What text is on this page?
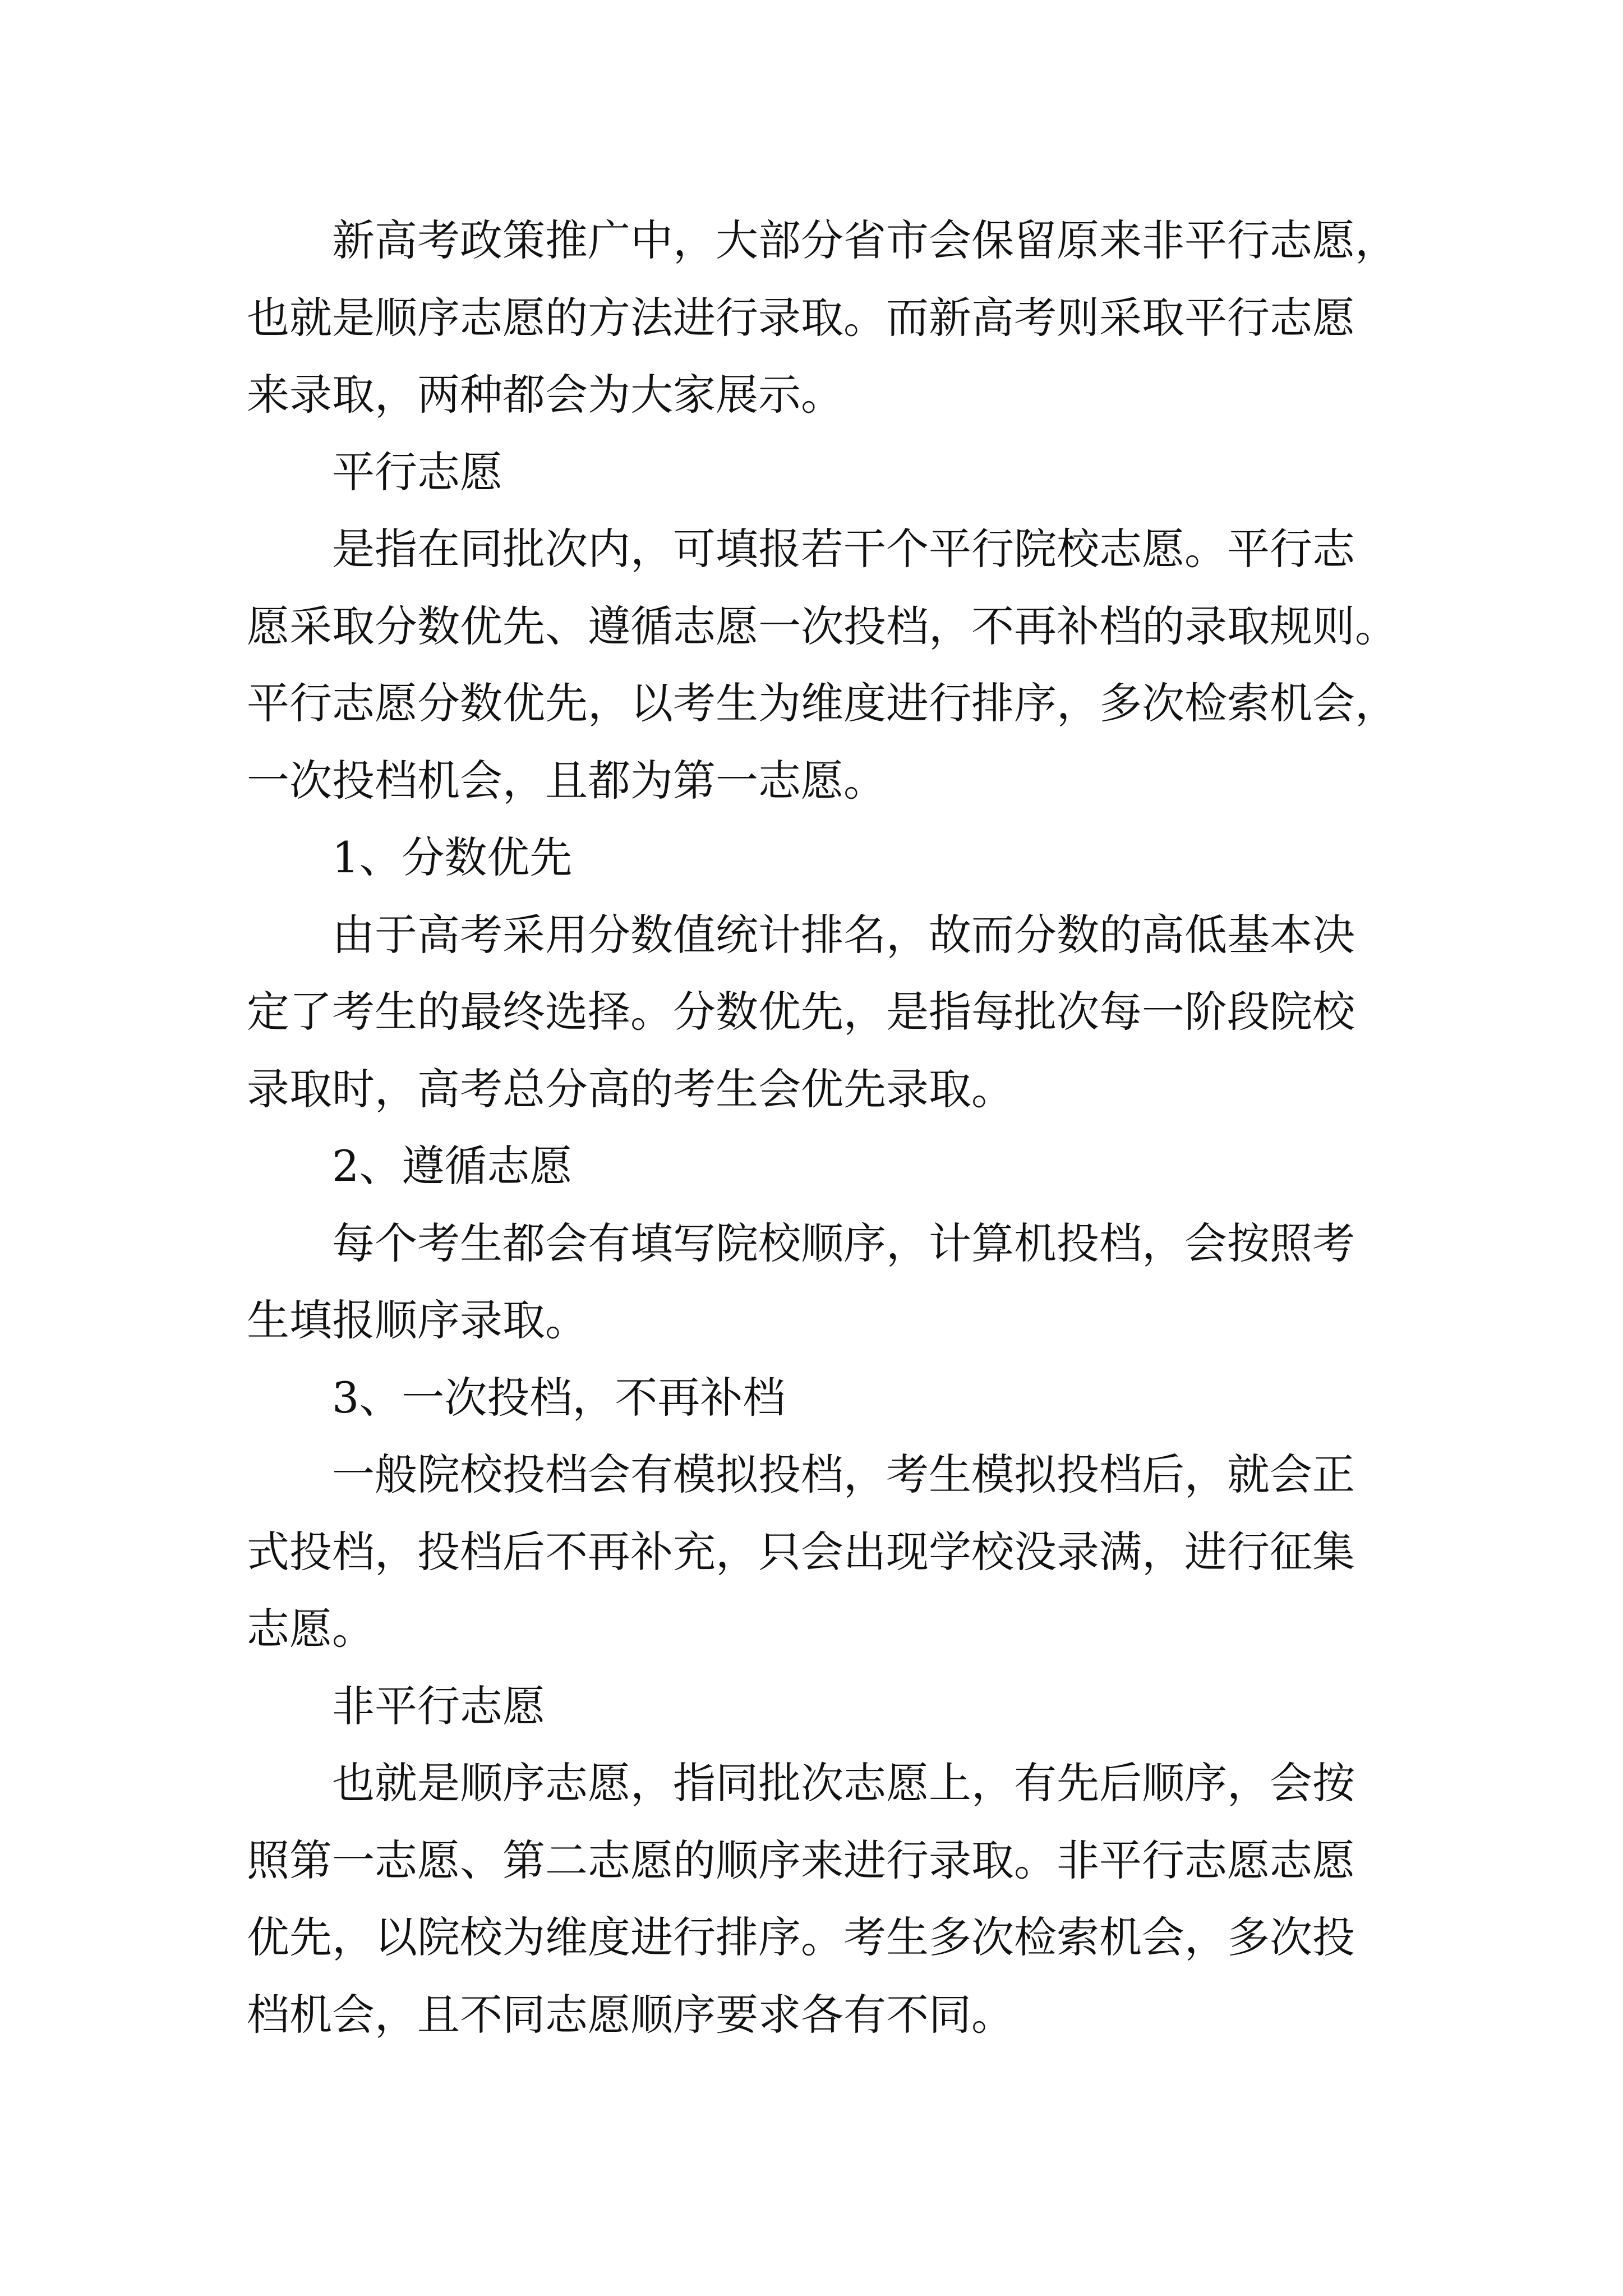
新高考政策推广中，大部分省市会保留原来非平行志愿，
也就是顺序志愿的方法进行录取。而新高考则采取平行志愿
来录取，两种都会为大家展示。

平行志愿

是指在同批次内，可填报若干个平行院校志愿。平行志
愿采取分数优先、遵循志愿一次投档，不再补档的录取规则。
平行志愿分数优先，以考生为维度进行排序，多次检索机会，
一次投档机会，且都为第一志愿。

1、分数优先

由于高考采用分数值统计排名，故而分数的高低基本决
定了考生的最终选择。分数优先，是指每批次每一阶段院校
录取时，高考总分高的考生会优先录取。

2、遵循志愿

每个考生都会有填写院校顺序，计算机投档，会按照考
生填报顺序录取。

3、一次投档，不再补档

一般院校投档会有模拟投档，考生模拟投档后，就会正
式投档，投档后不再补充，只会出现学校没录满，进行征集
志愿。

非平行志愿

也就是顺序志愿，指同批次志愿上，有先后顺序，会按
照第一志愿、第二志愿的顺序来进行录取。非平行志愿志愿
优先，以院校为维度进行排序。考生多次检索机会，多次投
档机会，且不同志愿顺序要求各有不同。
